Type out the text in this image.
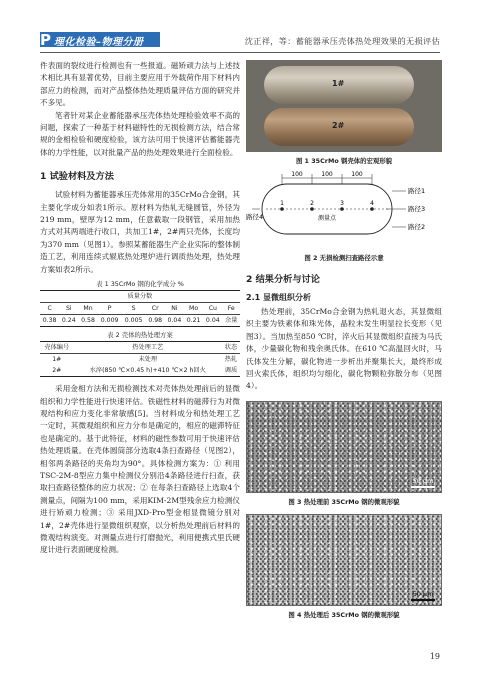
P 理化检验–物理分册	沈正祥，等：蓄能器承压壳体热处理效果的无损评估

件表面的裂纹进行检测也有一些报道。磁矫顽力法与上述技术相比具有显著优势，目前主要应用于外载荷作用下材料内部应力的检测，而对产品整体热处理质量评估方面的研究并不多见。

笔者针对某企业蓄能器承压壳体热处理检验效率不高的问题，探索了一种基于材料磁特性的无损检测方法，结合常规的金相检验和硬度检验，该方法可用于快速评估蓄能器壳体的力学性能，以对批量产品的热处理效果进行全面检验。

1 试验材料及方法

试验材料为蓄能器承压壳体常用的35CrMo合金钢，其主要化学成分如表1所示。原材料为热轧无缝圆管，外径为219 mm，壁厚为12 mm，任意截取一段钢管，采用加热方式对其两端进行收口，共加工1#，2#两只壳体，长度均为370 mm（见图1）。参照某蓄能器生产企业实际的整体制造工艺，利用连续式辊底热处理炉进行调质热处理，热处理方案如表2所示。

表 1 35CrMo 钢的化学成分 %
质量分数									
C	Si	Mn	P	S	Cr	Ni	Mo	Cu	Fe
0.38	0.24	0.58	0.009	0.005	0.98	0.04	0.21	0.04	余量
表 2 壳体的热处理方案
壳体编号	热处理工艺	状态
1#	未处理	热轧
2#	水淬(850 ℃×0.45 h)+410 ℃×2 h回火	调质

采用金相方法和无损检测技术对壳体热处理前后的显微组织和力学性能进行快速评估。铁磁性材料的磁滞行为对微观结构和应力变化非常敏感[5]。当材料成分和热处理工艺一定时，其微观组织和应力分布是确定的，相应的磁滞特征也是确定的。基于此特征，材料的磁性参数可用于快速评估热处理质量。在壳体圆筒部分选取4条扫查路径（见图2），相邻两条路径的夹角均为90°。具体检测方案为：① 利用TSC-2M-8型应力集中检测仪分别沿4条路径进行扫查，获取扫查路径整体的应力状况；② 在每条扫查路径上选取4个测量点，间隔为100 mm，采用KIM-2M型残余应力检测仪进行矫顽力检测；③ 采用JXD-Pro型金相显微镜分别对1#，2#壳体进行显微组织观察，以分析热处理前后材料的微观结构演变。对测量点进行打磨抛光，利用便携式里氏硬度计进行表面硬度检测。

1#
2#
图 1 35CrMo 钢壳体的宏观形貌
100	100	100
1	2	3	4
测量点
路径1
路径2
路径3
路径4
图 2 无损检测扫查路径示意
2 结果分析与讨论
2.1 显微组织分析

热处理前，35CrMo合金钢为热轧退火态，其显微组织主要为铁素体和珠光体，晶粒未发生明显拉长变形（见图3）。当加热至850 ℃时，淬火后其显微组织直接为马氏体，少量碳化物和残余奥氏体。在610 ℃高温回火时，马氏体发生分解，碳化物进一步析出并聚集长大，最终形成回火索氏体，组织均匀细化，碳化物颗粒弥散分布（见图4）。

50 μm
图 3 热处理前 35CrMo 钢的微观形貌
50 μm
图 4 热处理后 35CrMo 钢的微观形貌
19
